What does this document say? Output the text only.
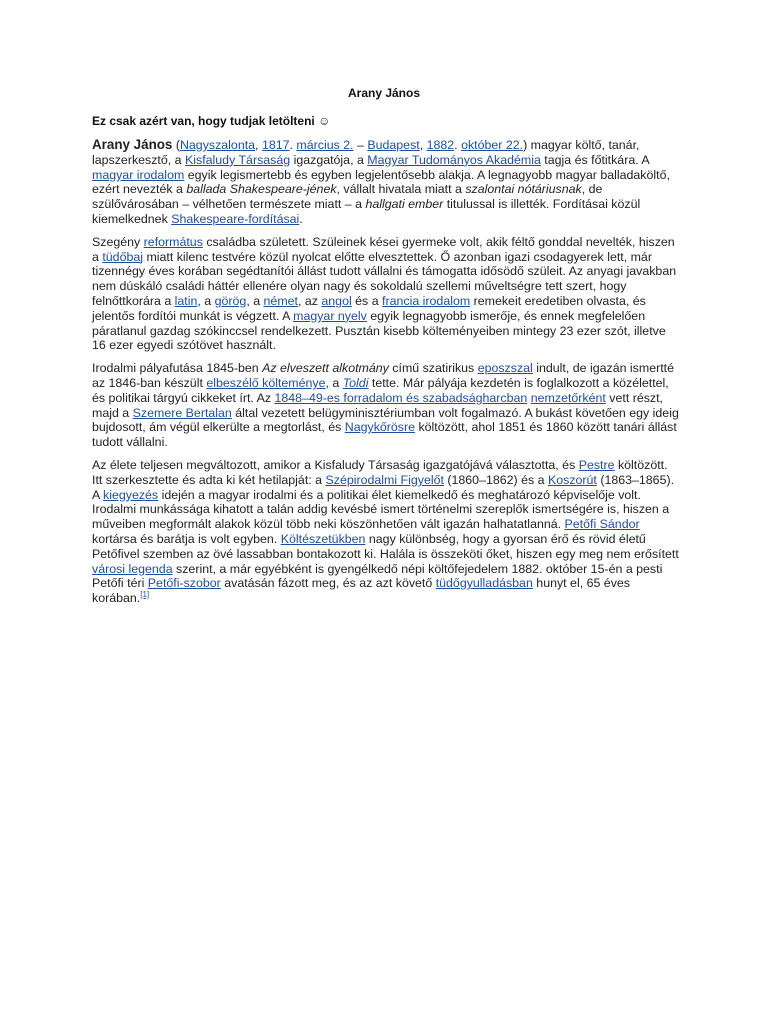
Arany János
Ez csak azért van, hogy tudjak letölteni ☺

Arany János (Nagyszalonta, 1817. március 2. – Budapest, 1882. október 22.) magyar költő, tanár, lapszerkesztő, a Kisfaludy Társaság igazgatója, a Magyar Tudományos Akadémia tagja és főtitkára. A magyar irodalom egyik legismertebb és egyben legjelentősebb alakja. A legnagyobb magyar balladaköltő, ezért nevezték a ballada Shakespeare-jének, vállalt hivatala miatt a szalontai nótáriusnak, de szülővárosában – vélhetően természete miatt – a hallgati ember titulussal is illették. Fordításai közül kiemelkednek Shakespeare-fordításai.

Szegény református családba született. Szüleinek kései gyermeke volt, akik féltő gonddal nevelték, hiszen a tüdőbaj miatt kilenc testvére közül nyolcat előtte elvesztettek. Ő azonban igazi csodagyerek lett, már tizennégy éves korában segédtanítói állást tudott vállalni és támogatta idősödő szüleit. Az anyagi javakban nem dúskáló családi háttér ellenére olyan nagy és sokoldalú szellemi műveltségre tett szert, hogy felnőttkorára a latin, a görög, a német, az angol és a francia irodalom remekeit eredetiben olvasta, és jelentős fordítói munkát is végzett. A magyar nyelv egyik legnagyobb ismerője, és ennek megfelelően páratlanul gazdag szókinccsel rendelkezett. Pusztán kisebb költeményeiben mintegy 23 ezer szót, illetve 16 ezer egyedi szótövet használt.

Irodalmi pályafutása 1845-ben Az elveszett alkotmány című szatirikus eposzszal indult, de igazán ismertté az 1846-ban készült elbeszélő költeménye, a Toldi tette. Már pályája kezdetén is foglalkozott a közélettel, és politikai tárgyú cikkeket írt. Az 1848–49-es forradalom és szabadságharcban nemzetőrként vett részt, majd a Szemere Bertalan által vezetett belügyminisztériumban volt fogalmazó. A bukást követően egy ideig bujdosott, ám végül elkerülte a megtorlást, és Nagykőrösre költözött, ahol 1851 és 1860 között tanári állást tudott vállalni.

Az élete teljesen megváltozott, amikor a Kisfaludy Társaság igazgatójává választotta, és Pestre költözött. Itt szerkesztette és adta ki két hetilapját: a Szépirodalmi Figyelőt (1860–1862) és a Koszorút (1863–1865). A kiegyezés idején a magyar irodalmi és a politikai élet kiemelkedő és meghatározó képviselője volt. Irodalmi munkássága kihatott a talán addig kevésbé ismert történelmi szereplők ismertségére is, hiszen a műveiben megformált alakok közül több neki köszönhetően vált igazán halhatatlanná. Petőfi Sándor kortársa és barátja is volt egyben. Költészetükben nagy különbség, hogy a gyorsan érő és rövid életű Petőfivel szemben az övé lassabban bontakozott ki. Halála is összeköti őket, hiszen egy meg nem erősített városi legenda szerint, a már egyébként is gyengélkedő népi költőfejedelem 1882. október 15-én a pesti Petőfi téri Petőfi-szobor avatásán fázott meg, és az azt követő tüdőgyulladásban hunyt el, 65 éves korában.[1]
